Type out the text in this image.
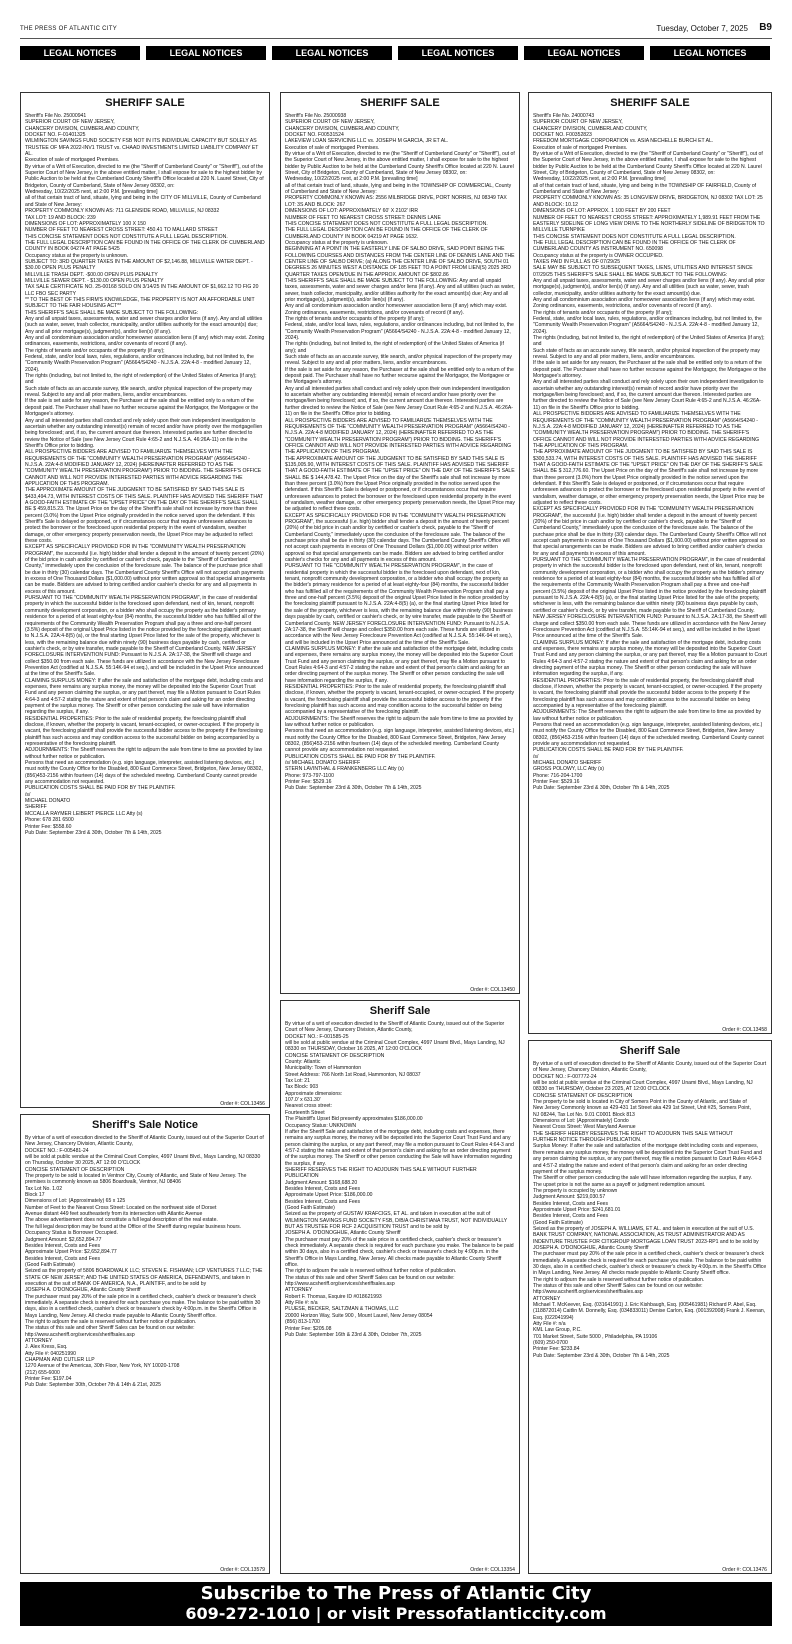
THE PRESS OF ATLANTIC CITY	Tuesday, October 7, 2025 B9
LEGAL NOTICES	LEGAL NOTICES	LEGAL NOTICES	LEGAL NOTICES	LEGAL NOTICES	LEGAL NOTICES
SHERIFF SALE

Sheriff's File No. 25000941

SUPERIOR COURT OF NEW JERSEY,

CHANCERY DIVISION, CUMBERLAND COUNTY,

DOCKET NO. F-01401325

WILMINGTON SAVINGS FUND SOCIETY FSB NOT IN ITS INDIVIDUAL CAPACITY BUT SOLELY AS TRUSTEE OF MFA 2022-INV1 TRUST vs. CHAAD INVESTMENTS LIMITED LIABILITY COMPANY ET AL.

Execution of sale of mortgaged Premises.

By virtue of a Writ of Execution, directed to me (the "Sheriff of Cumberland County" or "Sheriff"), out of the Superior Court of New Jersey, in the above entitled matter, I shall expose for sale to the highest bidder by Public Auction to be held at the Cumberland County Sheriff's Office located at 220 N. Laurel Street, City of Bridgeton, County of Cumberland, State of New Jersey 08302, on:

Wednesday, 10/22/2025 next, at 2:00 P.M. [prevailing time]

all of that certain tract of land, situate, lying and being in the CITY OF MILLVILLE, County of Cumberland and State of New Jersey:

PROPERTY COMMONLY KNOWN AS: 711 GLENSIDE ROAD, MILLVILLE, NJ 08332

TAX LOT: 19 AND BLOCK: 239

DIMENSIONS OF LOT: APPROXIMATELY 100 X 150

NUMBER OF FEET TO NEAREST CROSS STREET: 450.41 TO MALLARD STREET

THIS CONCISE STATEMENT DOES NOT CONSTITUTE A FULL LEGAL DESCRIPTION.

THE FULL LEGAL DESCRIPTION CAN BE FOUND IN THE OFFICE OF THE CLERK OF CUMBERLAND COUNTY IN BOOK 04274 AT PAGE 5425

Occupancy status at the property is unknown.

SUBJECT TO: 3RD QUARTER TAXES IN THE AMOUNT OF $2,146.88, MILLVILLE WATER DEPT. - $30.00 OPEN PLUS PENALTY

MILLVILLE TRASH DEPT. -$00.00 OPEN PLUS PENALTY

MILLVILLE SEWER DEPT. - $130.00 OPEN PLUS PENALTY

TAX SALE CERTIFICATE NO. 25-00168 SOLD ON 3/14/25 IN THE AMOUNT OF $1,662.12 TO FIG 20 LLC FBO SEC PARTY

** TO THE BEST OF THIS FIRM'S KNOWLEDGE, THE PROPERTY IS NOT AN AFFORDABLE UNIT SUBJECT TO THE FAIR HOUSING ACT**

THIS SHERIFF'S SALE SHALL BE MADE SUBJECT TO THE FOLLOWING:

Any and all unpaid taxes, assessments, water and sewer charges and/or liens (if any). Any and all utilities (such as water, sewer, trash collector, municipality, and/or utilities authority for the exact amount(s) due; Any and all prior mortgage(s), judgment(s), and/or lien(s) (if any).

Any and all condominium association and/or homeowner association liens (if any) which may exist. Zoning ordinances, easements, restrictions, and/or covenants of record (if any).

The rights of tenants and/or occupants of the property (if any);

Federal, state, and/or local laws, rules, regulations, and/or ordinances including, but not limited to, the "Community Wealth Preservation Program" (A5664/S4240 - N.J.S.A. 22A:4-8 - modified January 12, 2024).

The rights (including, but not limited to, the right of redemption) of the United States of America (if any); and

Such state of facts as an accurate survey, title search, and/or physical inspection of the property may reveal. Subject to any and all prior matters, liens, and/or encumbrances.

If the sale is set aside for any reason, the Purchaser at the sale shall be entitled only to a return of the deposit paid. The Purchaser shall have no further recourse against the Mortgagor, the Mortgagee or the Mortgagee's attorney.

Any and all interested parties shall conduct and rely solely upon their own independent investigation to ascertain whether any outstanding interest(s) remain of record and/or have priority over the mortgage/lien being foreclosed; and, if so, the current amount due thereon. Interested parties are further directed to review the Notice of Sale (see New Jersey Court Rule 4:65-2 and N.J.S.A. 46:26A-11) on file in the Sheriff's Office prior to bidding.

ALL PROSPECTIVE BIDDERS ARE ADVISED TO FAMILIARIZE THEMSELVES WITH THE REQUIREMENTS OF THE "COMMUNITY WEALTH PRESERVATION PROGRAM" (A5664/S4240 - N.J.S.A. 22A:4-8 MODIFIED JANUARY 12, 2024) (HEREINAFTER REFERRED TO AS THE "COMMUNITY WEALTH PRESERVATION PROGRAM") PRIOR TO BIDDING. THE SHERIFF'S OFFICE CANNOT AND WILL NOT PROVIDE INTERESTED PARTIES WITH ADVICE REGARDING THE APPLICATION OF THIS PROGRAM.

THE APPROXIMATE AMOUNT OF THE JUDGMENT TO BE SATISFIED BY SAID THIS SALE IS $433,494.73, WITH INTEREST COSTS OF THIS SALE. PLAINTIFF HAS ADVISED THE SHERIFF THAT A GOOD-FAITH ESTIMATE OF THE "UPSET PRICE" ON THE DAY OF THE SHERIFF'S SALE SHALL BE $ 459,815.23. The Upset Price on the day of the Sheriff's sale shall not increase by more than three percent (3.0%) from the Upset Price originally provided in the notice served upon the defendant. If this Sheriff's Sale is delayed or postponed, or if circumstances occur that require unforeseen advances to protect the borrower or the foreclosed upon residential property in the event of vandalism, weather damage, or other emergency property preservation needs, the Upset Price may be adjusted to reflect these costs.

EXCEPT AS SPECIFICALLY PROVIDED FOR IN THE "COMMUNITY WEALTH PRESERVATION PROGRAM", the successful (i.e. high) bidder shall tender a deposit in the amount of twenty percent (20%) of the bid price in cash and/or by certified or cashier's check, payable to the "Sheriff of Cumberland County," immediately upon the conclusion of the foreclosure sale. The balance of the purchase price shall be due in thirty (30) calendar days. The Cumberland County Sheriff's Office will not accept cash payments in excess of One Thousand Dollars ($1,000.00) without prior written approval so that special arrangements can be made. Bidders are advised to bring certified and/or cashier's checks for any and all payments in excess of this amount.

PURSUANT TO THE "COMMUNITY WEALTH PRESERVATION PROGRAM", in the case of residential property in which the successful bidder is the foreclosed upon defendant, next of kin, tenant, nonprofit community development corporation, or a bidder who shall occupy the property as the bidder's primary residence for a period of at least eighty-four (84) months, the successful bidder who has fulfilled all of the requirements of the Community Wealth Preservation Program shall pay a three and one-half percent (3.5%) deposit of the original Upset Price listed in the notice provided by the foreclosing plaintiff pursuant to N.J.S.A. 22A:4-8(5) (a), or the final starting Upset Price listed for the sale of the property, whichever is less, with the remaining balance due within ninety (90) business days payable by cash, certified or cashier's check, or by wire transfer, made payable to the Sheriff of Cumberland County. NEW JERSEY FORECLOSURE INTERVENTION FUND: Pursuant to N.J.S.A. 2A:17-38, the Sheriff will charge and collect $350.00 from each sale. These funds are utilized in accordance with the New Jersey Foreclosure Prevention Act (codified at N.J.S.A. 55:14K-94 et seq.), and will be included in the Upset Price announced at the time of the Sheriff's Sale.

CLAIMING SURPLUS MONEY: If after the sale and satisfaction of the mortgage debt, including costs and expenses, there remains any surplus money, the money will be deposited into the Superior Court Trust Fund and any person claiming the surplus, or any part thereof, may file a Motion pursuant to Court Rules 4:64-3 and 4:57-2 stating the nature and extent of that person's claim and asking for an order directing payment of the surplus money. The Sheriff or other person conducting the sale will have information regarding the surplus, if any.

RESIDENTIAL PROPERTIES: Prior to the sale of residential property, the foreclosing plaintiff shall disclose, if known, whether the property is vacant, tenant-occupied, or owner-occupied. If the property is vacant, the foreclosing plaintiff shall provide the successful bidder access to the property if the foreclosing plaintiff has such access and may condition access to the successful bidder on being accompanied by a representative of the foreclosing plaintiff.

ADJOURNMENTS: The Sheriff reserves the right to adjourn the sale from time to time as provided by law without further notice or publication.

Persons that need an accommodation (e.g. sign language, interpreter, assisted listening devices, etc.) must notify the County Office for the Disabled, 800 East Commerce Street, Bridgeton, New Jersey 08302, (856)453-2156 within fourteen (14) days of the scheduled meeting. Cumberland County cannot provide any accommodation not requested.

PUBLICATION COSTS SHALL BE PAID FOR BY THE PLAINTIFF.

/s/

MICHAEL DONATO

SHERIFF

MCCALLA RAYMER LEIBERT PIERCE LLC Atty (s)

Phone: 678 281 6500

Printer Fee: $558.60

Pub Date: September 23rd & 30th, October 7th & 14th, 2025

Order #: COL13456
SHERIFF SALE

Sheriff's File No. 25000938

SUPERIOR COURT OF NEW JERSEY,

CHANCERY DIVISION, CUMBERLAND COUNTY,

DOCKET NO. F00531524

LAKEVIEW LOAN SERVICING LLC vs. JOSEPH M GARCIA, JR ET AL.

Execution of sale of mortgaged Premises.

By virtue of a Writ of Execution, directed to me (the "Sheriff of Cumberland County" or "Sheriff"), out of the Superior Court of New Jersey, in the above entitled matter, I shall expose for sale to the highest bidder by Public Auction to be held at the Cumberland County Sheriff's Office located at 220 N. Laurel Street, City of Bridgeton, County of Cumberland, State of New Jersey 08302, on:

Wednesday, 10/22/2025 next, at 2:00 P.M. [prevailing time]

all of that certain tract of land, situate, lying and being in the TOWNSHIP OF COMMERCIAL, County of Cumberland and State of New Jersey:

PROPERTY COMMONLY KNOWN AS: 2556 MILBRIDGE DRIVE, PORT NORRIS, NJ 08349 TAX LOT: 3S AND BLOCK: 267

DIMENSIONS OF LOT: APPROXIMATELY 60' X 2102' IRR

NUMBER OF FEET TO NEAREST CROSS STREET: DENNIS LANE

THIS CONCISE STATEMENT DOES NOT CONSTITUTE A FULL LEGAL DESCRIPTION.

THE FULL LEGAL DESCRIPTION CAN BE FOUND IN THE OFFICE OF THE CLERK OF CUMBERLAND COUNTY IN BOOK 04219 AT PAGE 1632.

Occupancy status at the property is unknown.

BEGINNING AT A POINT IN THE EASTERLY LINE OF SALBO DRIVE, SAID POINT BEING THE FOLLOWING COURSES AND DISTANCES FROM THE CENTER LINE OF DENNIS LANE AND THE CENTER LINE OF SALBO DRIVE; (a) ALONG THE CENTER LINE OF SALBO DRIVE, SOUTH 01 DEGREES 26 MINUTES WEST A DISTANCE OF 185 FEET TO A POINT FROM LIEN(S) 2025 3RD QUARTER TAXES OPEN/DUE IN THE APPROX. AMOUNT OF $802.86

THIS SHERIFF'S SALE SHALL BE MADE SUBJECT TO THE FOLLOWING: Any and all unpaid taxes, assessments, water and sewer charges and/or liens (if any). Any and all utilities (such as water, sewer, trash collector, municipality, and/or utilities authority for the exact amount(s) due; Any and all prior mortgage(s), judgment(s), and/or lien(s) (if any).

Any and all condominium association and/or homeowner association liens (if any) which may exist. Zoning ordinances, easements, restrictions, and/or covenants of record (if any).

The rights of tenants and/or occupants of the property (if any);

Federal, state, and/or local laws, rules, regulations, and/or ordinances including, but not limited to, the "Community Wealth Preservation Program" (A5664/S4240 - N.J.S.A. 22A:4-8 - modified January 12, 2024).

The rights (including, but not limited to, the right of redemption) of the United States of America (if any); and

Such state of facts as an accurate survey, title search, and/or physical inspection of the property may reveal. Subject to any and all prior matters, liens, and/or encumbrances.

If the sale is set aside for any reason, the Purchaser at the sale shall be entitled only to a return of the deposit paid. The Purchaser shall have no further recourse against the Mortgagor, the Mortgagee or the Mortgagee's attorney.

Any and all interested parties shall conduct and rely solely upon their own independent investigation to ascertain whether any outstanding interest(s) remain of record and/or have priority over the mortgage/lien being foreclosed; and, if so, the current amount due thereon. Interested parties are further directed to review the Notice of Sale (see New Jersey Court Rule 4:65-2 and N.J.S.A. 46:26A-11) on file in the Sheriff's Office prior to bidding.

ALL PROSPECTIVE BIDDERS ARE ADVISED TO FAMILIARIZE THEMSELVES WITH THE REQUIREMENTS OF THE "COMMUNITY WEALTH PRESERVATION PROGRAM" (A5664/S4240 - N.J.S.A. 22A:4-8 MODIFIED JANUARY 12, 2024) (HEREINAFTER REFERRED TO AS THE "COMMUNITY WEALTH PRESERVATION PROGRAM") PRIOR TO BIDDING. THE SHERIFF'S OFFICE CANNOT AND WILL NOT PROVIDE INTERESTED PARTIES WITH ADVICE REGARDING THE APPLICATION OF THIS PROGRAM.

THE APPROXIMATE AMOUNT OF THE JUDGMENT TO BE SATISFIED BY SAID THIS SALE IS $135,005.90, WITH INTEREST COSTS OF THIS SALE. PLAINTIFF HAS ADVISED THE SHERIFF THAT A GOOD-FAITH ESTIMATE OF THE "UPSET PRICE" ON THE DAY OF THE SHERIFF'S SALE SHALL BE $ 144,478.42. The Upset Price on the day of the Sheriff's sale shall not increase by more than three percent (3.0%) from the Upset Price originally provided in the notice served upon the defendant. If this Sheriff's Sale is delayed or postponed, or if circumstances occur that require unforeseen advances to protect the borrower or the foreclosed upon residential property in the event of vandalism, weather damage, or other emergency property preservation needs, the Upset Price may be adjusted to reflect these costs.

EXCEPT AS SPECIFICALLY PROVIDED FOR IN THE "COMMUNITY WEALTH PRESERVATION PROGRAM", the successful (i.e. high) bidder shall tender a deposit in the amount of twenty percent (20%) of the bid price in cash and/or by certified or cashier's check, payable to the "Sheriff of Cumberland County," immediately upon the conclusion of the foreclosure sale. The balance of the purchase price shall be due in thirty (30) calendar days. The Cumberland County Sheriff's Office will not accept cash payments in excess of One Thousand Dollars ($1,000.00) without prior written approval so that special arrangements can be made. Bidders are advised to bring certified and/or cashier's checks for any and all payments in excess of this amount.

PURSUANT TO THE "COMMUNITY WEALTH PRESERVATION PROGRAM", in the case of residential property in which the successful bidder is the foreclosed upon defendant, next of kin, tenant, nonprofit community development corporation, or a bidder who shall occupy the property as the bidder's primary residence for a period of at least eighty-four (84) months, the successful bidder who has fulfilled all of the requirements of the Community Wealth Preservation Program shall pay a three and one-half percent (3.5%) deposit of the original Upset Price listed in the notice provided by the foreclosing plaintiff pursuant to N.J.S.A. 22A:4-8(5) (a), or the final starting Upset Price listed for the sale of the property, whichever is less, with the remaining balance due within ninety (90) business days payable by cash, certified or cashier's check, or by wire transfer, made payable to the Sheriff of Cumberland County. NEW JERSEY FORECLOSURE INTERVENTION FUND: Pursuant to N.J.S.A. 2A:17-38, the Sheriff will charge and collect $350.00 from each sale. These funds are utilized in accordance with the New Jersey Foreclosure Prevention Act (codified at N.J.S.A. 55:14K-94 et seq.), and will be included in the Upset Price announced at the time of the Sheriff's Sale.

CLAIMING SURPLUS MONEY: If after the sale and satisfaction of the mortgage debt, including costs and expenses, there remains any surplus money, the money will be deposited into the Superior Court Trust Fund and any person claiming the surplus, or any part thereof, may file a Motion pursuant to Court Rules 4:64-3 and 4:57-2 stating the nature and extent of that person's claim and asking for an order directing payment of the surplus money. The Sheriff or other person conducting the sale will have information regarding the surplus, if any.

RESIDENTIAL PROPERTIES: Prior to the sale of residential property, the foreclosing plaintiff shall disclose, if known, whether the property is vacant, tenant-occupied, or owner-occupied. If the property is vacant, the foreclosing plaintiff shall provide the successful bidder access to the property if the foreclosing plaintiff has such access and may condition access to the successful bidder on being accompanied by a representative of the foreclosing plaintiff.

ADJOURNMENTS: The Sheriff reserves the right to adjourn the sale from time to time as provided by law without further notice or publication.

Persons that need an accommodation (e.g. sign language, interpreter, assisted listening devices, etc.) must notify the County Office for the Disabled, 800 East Commerce Street, Bridgeton, New Jersey 08302, (856)453-2156 within fourteen (14) days of the scheduled meeting. Cumberland County cannot provide any accommodation not requested.

PUBLICATION COSTS SHALL BE PAID FOR BY THE PLAINTIFF.

/s/ MICHAEL DONATO SHERIFF

STERN LAVINTHAL & FRANKENBERG LLC Atty (s)

Phone: 973-797-1100

Printer Fee: $529.16

Pub Date: September 23rd & 30th, October 7th & 14th, 2025

Order #: COL13450
SHERIFF SALE

Sheriff's File No. 24000743

SUPERIOR COURT OF NEW JERSEY,

CHANCERY DIVISION, CUMBERLAND COUNTY,

DOCKET NO. F00352823

FREEDOM MORTGAGE CORPORATION vs. ASIA NECHELLE BURCH ET AL.

Execution of sale of mortgaged Premises.

By virtue of a Writ of Execution, directed to me (the "Sheriff of Cumberland County" or "Sheriff"), out of the Superior Court of New Jersey, in the above entitled matter, I shall expose for sale to the highest bidder by Public Auction to be held at the Cumberland County Sheriff's Office located at 220 N. Laurel Street, City of Bridgeton, County of Cumberland, State of New Jersey 08302, on:

Wednesday, 10/22/2025 next, at 2:00 P.M. [prevailing time]

all of that certain tract of land, situate, lying and being in the TOWNSHIP OF FAIRFIELD, County of Cumberland and State of New Jersey:

PROPERTY COMMONLY KNOWN AS: 35 LONGVIEW DRIVE, BRIDGETON, NJ 08302 TAX LOT: 25 AND BLOCK: 10.12

DIMENSIONS OF LOT: APPROX. 1 100 FEET BY 200 FEET

NUMBER OF FEET TO NEAREST CROSS STREET: APPROXIMATELY 1,989.91 FEET FROM THE EASTERLY SIDELINE OF LONG VIEW DRIVE TO THE NORTHERLY SIDELINE OF BRIDGETON TO MILLVILLE TURNPIKE

THIS CONCISE STATEMENT DOES NOT CONSTITUTE A FULL LEGAL DESCRIPTION.

THE FULL LEGAL DESCRIPTION CAN BE FOUND IN THE OFFICE OF THE CLERK OF CUMBERLAND COUNTY AS INSTRUMENT NO. 650098

Occupancy status at the property is OWNER OCCUPIED.

TAXES PAID IN FULL AS OF 07/29/25

SALE MAY BE SUBJECT TO SUBSEQUENT TAXES, LIENS, UTILITIES AND INTEREST SINCE 07/29/25 THIS SHERIFF'S SALE SHALL BE MADE SUBJECT TO THE FOLLOWING:

Any and all unpaid taxes, assessments, water and sewer charges and/or liens (if any). Any and all prior mortgage(s), judgment(s), and/or lien(s) (if any). Any and all utilities (such as water, sewer, trash collector, municipality, and/or utilities authority for the exact amount(s) due.

Any and all condominium association and/or homeowner association liens (if any) which may exist. Zoning ordinances, easements, restrictions, and/or covenants of record (if any).

The rights of tenants and/or occupants of the property (if any);

Federal, state, and/or local laws, rules, regulations, and/or ordinances including, but not limited to, the "Community Wealth Preservation Program" (A5664/S4240 - N.J.S.A. 22A:4-8 - modified January 12, 2024).

The rights (including, but not limited to, the right of redemption) of the United States of America (if any); and

Such state of facts as an accurate survey, title search, and/or physical inspection of the property may reveal. Subject to any and all prior matters, liens, and/or encumbrances.

If the sale is set aside for any reason, the Purchaser at the sale shall be entitled only to a return of the deposit paid. The Purchaser shall have no further recourse against the Mortgagor, the Mortgagee or the Mortgagee's attorney.

Any and all interested parties shall conduct and rely solely upon their own independent investigation to ascertain whether any outstanding interest(s) remain of record and/or have priority over the mortgage/lien being foreclosed; and, if so, the current amount due thereon. Interested parties are further directed to review the Notice of Sale (see New Jersey Court Rule 4:65-2 and N.J.S.A. 46:26A-11) on file in the Sheriff's Office prior to bidding.

ALL PROSPECTIVE BIDDERS ARE ADVISED TO FAMILIARIZE THEMSELVES WITH THE REQUIREMENTS OF THE "COMMUNITY WEALTH PRESERVATION PROGRAM" (A5664/S4240 - N.J.S.A. 22A:4-8 MODIFIED JANUARY 12, 2024) (HEREINAFTER REFERRED TO AS THE "COMMUNITY WEALTH PRESERVATION PROGRAM") PRIOR TO BIDDING. THE SHERIFF'S OFFICE CANNOT AND WILL NOT PROVIDE INTERESTED PARTIES WITH ADVICE REGARDING THE APPLICATION OF THIS PROGRAM.

THE APPROXIMATE AMOUNT OF THE JUDGMENT TO BE SATISFIED BY SAID THIS SALE IS $300,533.74, WITH INTEREST COSTS OF THIS SALE. PLAINTIFF HAS ADVISED THE SHERIFF THAT A GOOD-FAITH ESTIMATE OF THE "UPSET PRICE" ON THE DAY OF THE SHERIFF'S SALE SHALL BE $ 312,776.60. The Upset Price on the day of the Sheriff's sale shall not increase by more than three percent (3.0%) from the Upset Price originally provided in the notice served upon the defendant. If this Sheriff's Sale is delayed or postponed, or if circumstances occur that require unforeseen advances to protect the borrower or the foreclosed upon residential property in the event of vandalism, weather damage, or other emergency property preservation needs, the Upset Price may be adjusted to reflect these costs.

EXCEPT AS SPECIFICALLY PROVIDED FOR IN THE "COMMUNITY WEALTH PRESERVATION PROGRAM", the successful (i.e. high) bidder shall tender a deposit in the amount of twenty percent (20%) of the bid price in cash and/or by certified or cashier's check, payable to the "Sheriff of Cumberland County," immediately upon the conclusion of the foreclosure sale. The balance of the purchase price shall be due in thirty (30) calendar days. The Cumberland County Sheriff's Office will not accept cash payments in excess of One Thousand Dollars ($1,000.00) without prior written approval so that special arrangements can be made. Bidders are advised to bring certified and/or cashier's checks for any and all payments in excess of this amount.

PURSUANT TO THE "COMMUNITY WEALTH PRESERVATION PROGRAM", in the case of residential property in which the successful bidder is the foreclosed upon defendant, next of kin, tenant, nonprofit community development corporation, or a bidder who shall occupy the property as the bidder's primary residence for a period of at least eighty-four (84) months, the successful bidder who has fulfilled all of the requirements of the Community Wealth Preservation Program shall pay a three and one-half percent (3.5%) deposit of the original Upset Price listed in the notice provided by the foreclosing plaintiff pursuant to N.J.S.A. 22A:4-8(5) (a), or the final starting Upset Price listed for the sale of the property, whichever is less, with the remaining balance due within ninety (90) business days payable by cash, certified or cashier's check, or by wire transfer, made payable to the Sheriff of Cumberland County. NEW JERSEY FORECLOSURE INTERVENTION FUND: Pursuant to N.J.S.A. 2A:17-38, the Sheriff will charge and collect $350.00 from each sale. These funds are utilized in accordance with the New Jersey Foreclosure Prevention Act (codified at N.J.S.A. 55:14K-94 et seq.), and will be included in the Upset Price announced at the time of the Sheriff's Sale.

CLAIMING SURPLUS MONEY: If after the sale and satisfaction of the mortgage debt, including costs and expenses, there remains any surplus money, the money will be deposited into the Superior Court Trust Fund and any person claiming the surplus, or any part thereof, may file a Motion pursuant to Court Rules 4:64-3 and 4:57-2 stating the nature and extent of that person's claim and asking for an order directing payment of the surplus money. The Sheriff or other person conducting the sale will have information regarding the surplus, if any.

RESIDENTIAL PROPERTIES: Prior to the sale of residential property, the foreclosing plaintiff shall disclose, if known, whether the property is vacant, tenant-occupied, or owner-occupied. If the property is vacant, the foreclosing plaintiff shall provide the successful bidder access to the property if the foreclosing plaintiff has such access and may condition access to the successful bidder on being accompanied by a representative of the foreclosing plaintiff.

ADJOURNMENTS: The Sheriff reserves the right to adjourn the sale from time to time as provided by law without further notice or publication.

Persons that need an accommodation (e.g. sign language, interpreter, assisted listening devices, etc.) must notify the County Office for the Disabled, 800 East Commerce Street, Bridgeton, New Jersey 08302, (856)453-2156 within fourteen (14) days of the scheduled meeting. Cumberland County cannot provide any accommodation not requested.

PUBLICATION COSTS SHALL BE PAID FOR BY THE PLAINTIFF.

/s/

MICHAEL DONATO SHERIFF

GROSS POLOWY, LLC Atty (s)

Phone: 716-204-1700

Printer Fee: $529.16

Pub Date: September 23rd & 30th, October 7th & 14th, 2025

Order #: COL13458
Sheriff's Sale Notice

By virtue of a writ of execution directed to the Sheriff of Atlantic County, issued out of the Superior Court of New Jersey, Chancery Division, Atlantic County,

DOCKET NO.: F-005481-24

will be sold at public vendue at the Criminal Court Complex, 4997 Unami Blvd., Mays Landing, NJ 08330 on Thursday, October 30 2025, AT 12:00 O'CLOCK

CONCISE STATEMENT OF DESCRIPTION

The property to be sold is located in Ventnor City, County of Atlantic, and State of New Jersey. The premises is commonly known as 5806 Boardwalk, Ventnor, NJ 08406

Tax Lot No. 1.02

Block 17

Dimensions of Lot: (Approximately) 65 x 125

Number of Feet to the Nearest Cross Street: Located on the northwest side of Dorset

Avenue distant 449 feet southeasterly from its intersection with Atlantic Avenue

The above advertisement does not constitute a full legal description of the real estate.

The full legal description may be found at the Office of the Sheriff during regular business hours.

Occupancy Status is Borrower Occupied.

Judgment Amount: $2,652,894.77

Besides Interest, Costs and Fees

Approximate Upset Price: $2,652,894.77

Besides Interest, Costs and Fees

(Good Faith Estimate)

Seized as the property of 5806 BOARDWALK LLC; STEVEN E. FISHMAN; LCP VENTURES 7 LLC; THE STATE OF NEW JERSEY; AND THE UNITED STATES OF AMERICA, DEFENDANTS, and taken in execution at the suit of BANK OF AMERICA, N.A., PLAINTIFF, and to be sold by

JOSEPH A. O'DONOGHUE, Atlantic County Sheriff

The purchaser must pay 20% of the sale price in a certified check, cashier's check or treasurer's check immediately. A separate check is required for each purchase you make. The balance to be paid within 30 days, also in a certified check, cashier's check or treasurer's check by 4:00p.m. in the Sheriff's Office in Mays Landing, New Jersey. All checks made payable to Atlantic County Sheriff office.

The right to adjourn the sale is reserved without further notice of publication.

The status of this sale and other Sheriff Sales can be found on our website: http://www.acsheriff.org/services/sheriffsales.asp

ATTORNEY

J. Alex Kress, Esq.

Atty File #: 040251990

CHAPMAN AND CUTLER LLP

1270 Avenue of the Americas, 30th Floor, New York, NY 10020-1708

(212) 655-6000

Printer Fee: $197.04

Pub Date: September 30th, October 7th & 14th & 21st, 2025

Order #: COL13579
Sheriff Sale

By virtue of a writ of execution directed to the Sheriff of Atlantic County, issued out of the Superior Court of New Jersey, Chancery Division, Atlantic County,

DOCKET NO.: F-001585-25

will be sold at public vendue at the Criminal Court Complex, 4997 Unami Blvd., Mays Landing, NJ 08330 on THURSDAY, October 16 2025, AT 12:00 O'CLOCK

CONCISE STATEMENT OF DESCRIPTION

County: Atlantic

Municipality: Town of Hammonton

Street Address: 766 North 1st Road, Hammonton, NJ 08037

Tax Lot: 21

Tax Block: 903

Approximate dimensions:

107.0' x 631.30'

Nearest cross street:

Fourteenth Street

The Plaintiff's Upset Bid presently approximates $186,000.00

Occupancy Status: UNKNOWN

If after the Sheriff Sale and satisfaction of the mortgage debt, including costs and expenses, there remains any surplus money, the money will be deposited into the Superior Court Trust Fund and any person claiming the surplus, or any part thereof, may file a motion pursuant to Court Rules 4:64-3 and 4:57-2 stating the nature and extent of that person's claim and asking for an order directing payment of the surplus money. The Sheriff or other person conducting the Sale will have information regarding the surplus, if any.

SHERIFF RESERVES THE RIGHT TO ADJOURN THIS SALE WITHOUT FURTHER

PUBLICATION

Judgment Amount: $168,688.20

Besides Interest, Costs and Fees

Approximate Upset Price: $186,000.00

Besides Interest, Costs and Fees

(Good Faith Estimate)

Seized as the property of GUSTAV KRAFCIGS, ET AL. and taken in execution at the suit of WILMINGTON SAVINGS FUND SOCIETY FSB, D/B/A CHRISTIANA TRUST, NOT INDIVIDUALLY BUT AS TRUSTEE FOR RCF 2 ACQUISITION TRUST and to be sold by

JOSEPH A. O'DONOGHUE, Atlantic County Sheriff

The purchaser must pay 20% of the sale price in a certified check, cashier's check or treasurer's check immediately. A separate check is required for each purchase you make. The balance to be paid within 30 days, also in a certified check, cashier's check or treasurer's check by 4:00p.m. in the Sheriff's Office in Mays Landing, New Jersey. All checks made payable to Atlantic County Sheriff office.

The right to adjourn the sale is reserved without further notice of publication.

The status of this sale and other Sheriff Sales can be found on our website: http://www.acsheriff.org/services/sheriffsales.asp

ATTORNEY

Robert F. Thomas, Esquire ID #018621993

Atty File #: n/a

PLUESE, BECKER, SALTZMAN & THOMAS, LLC

20000 Horizon Way, Suite 900 , Mount Laurel, New Jersey 08054

(856) 813-1700

Printer Fee: $205.08

Pub Date: September 16th & 23rd & 30th, October 7th, 2025

Order #: COL13354
Sheriff Sale

By virtue of a writ of execution directed to the Sheriff of Atlantic County, issued out of the Superior Court of New Jersey, Chancery Division, Atlantic County,

DOCKET NO.: F-007772-24

will be sold at public vendue at the Criminal Court Complex, 4997 Unami Blvd., Mays Landing, NJ 08330 on THURSDAY, October 23 2025, AT 12:00 O'CLOCK

CONCISE STATEMENT OF DESCRIPTION

The property to be sold is located in City of Somers Point in the County of Atlantic, and State of

New Jersey Commonly known as 429-431 1st Street aka 429 1st Street, Unit #25, Somers Point,

NJ 08244, Tax Lot No. 9.01 C0001 Block 813

Dimensions of Lot: (Approximately) Condo

Nearest Cross Street: West Maryland Avenue

THE SHERIFF HEREBY RESERVES THE RIGHT TO ADJOURN THIS SALE WITHOUT

FURTHER NOTICE THROUGH PUBLICATION.

Surplus Money: If after the sale and satisfaction of the mortgage debt including costs and expenses, there remains any surplus money, the money will be deposited into the Superior Court Trust Fund and any person claiming the surplus, or any part thereof, may file a motion pursuant to Court Rules 4:64-3 and 4:57-2 stating the nature and extent of that person's claim and asking for an order directing payment of the surplus money.

The Sheriff or other person conducting the sale will have information regarding the surplus, if any.

The upset price is not the same as a payoff or judgment redemption amount.

The property is occupied by unknown

Judgment Amount: $219,030.57

Besides Interest, Costs and Fees

Approximate Upset Price: $241,681.01

Besides Interest, Costs and Fees

(Good Faith Estimate)

Seized as the property of JOSEPH A. WILLIAMS, ET AL. and taken in execution at the suit of U.S. BANK TRUST COMPANY, NATIONAL ASSOCIATION, AS TRUST ADMINISTRATOR AND AS INDENTURE TRUSTEE FOR CITIGROUP MORTGAGE LOAN TRUST 2023-RP1 and to be sold by

JOSEPH A. O'DONOGHUE, Atlantic County Sheriff

The purchaser must pay 20% of the sale price in a certified check, cashier's check or treasurer's check immediately. A separate check is required for each purchase you make. The balance to be paid within 30 days, also in a certified check, cashier's check or treasurer's check by 4:00p.m. in the Sheriff's Office in Mays Landing, New Jersey. All checks made payable to Atlantic County Sheriff office.

The right to adjourn the sale is reserved without further notice of publication.

The status of this sale and other Sheriff Sales can be found on our website: http://www.acsheriff.org/services/sheriffsales.asp

ATTORNEY

Michael T. McKeever, Esq. (031641991) J. Eric Kishbaugh, Esq. (005461981) Richard P. Abel, Esq. (118872014) Caitlin M. Donnelly, Esq. (034833011) Denise Carlon, Esq. (001392008) Frank J. Keenan, Esq. (022041994)

Atty File #: n/a

KML Law Group, P.C.

701 Market Street, Suite 5000 , Philadelphia, PA 19106

(609) 250-0700

Printer Fee: $233.84

Pub Date: September 23rd & 30th, October 7th & 14th, 2025

Order #: COL13476
Subscribe to The Press of Atlantic City
609-272-1010 | or visit Pressofatlanticcity.com
